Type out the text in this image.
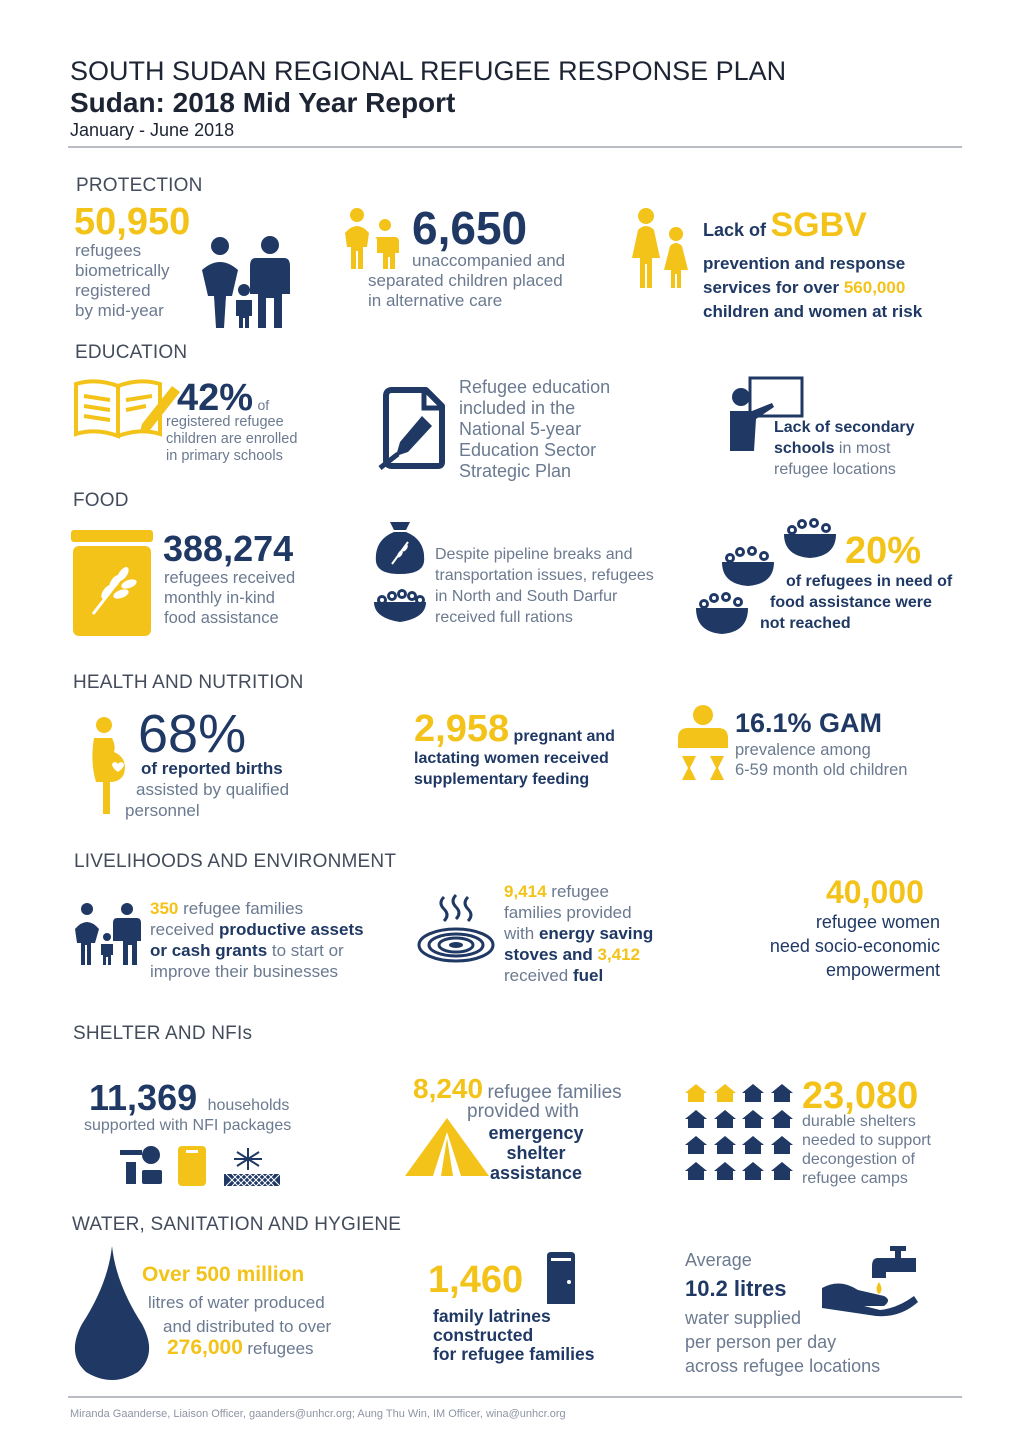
SOUTH SUDAN REGIONAL REFUGEE RESPONSE PLAN
Sudan: 2018 Mid Year Report
January - June 2018
PROTECTION
50,950
refugees
biometrically
registered
by mid-year
6,650
unaccompanied and
separated children placed
in alternative care
Lack of SGBV
prevention and response
services for over 560,000
children and women at risk
EDUCATION
42% of
registered refugee
children are enrolled
in primary schools
Refugee education
included in the
National 5-year
Education Sector
Strategic Plan
Lack of secondary
schools in most
refugee locations
FOOD
388,274
refugees received
monthly in-kind
food assistance
Despite pipeline breaks and
transportation issues, refugees
in North and South Darfur
received full rations
20%
of refugees in need of
food assistance were
not reached
HEALTH AND NUTRITION
68%
of reported births
assisted by qualified
personnel
2,958 pregnant and
lactating women received
supplementary feeding
16.1% GAM
prevalence among
6-59 month old children
LIVELIHOODS AND ENVIRONMENT
350 refugee families
received productive assets
or cash grants to start or
improve their businesses
9,414 refugee
families provided
with energy saving
stoves and 3,412
received fuel
40,000
refugee women
need socio-economic
empowerment
SHELTER AND NFIs
11,369 households
supported with NFI packages
8,240 refugee families
provided with
emergency
shelter
assistance
23,080
durable shelters
needed to support
decongestion of
refugee camps
WATER, SANITATION AND HYGIENE
Over 500 million
litres of water produced
and distributed to over
276,000 refugees
1,460
family latrines
constructed
for refugee families
Average
10.2 litres
water supplied
per person per day
across refugee locations
Miranda Gaanderse, Liaison Officer, gaanders@unhcr.org; Aung Thu Win, IM Officer, wina@unhcr.org
